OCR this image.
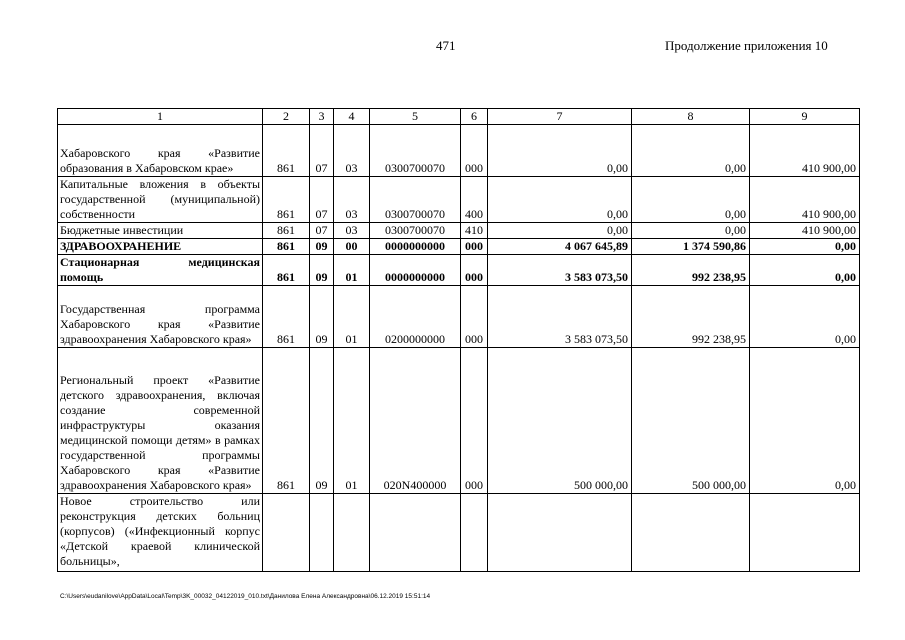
471	Продолжение приложения 10
1	2	3	4	5	6	7	8	9
Хабаровского края «Развитие образования в Хабаровском крае»	861	07	03	0300700070	000	0,00	0,00	410 900,00
Капитальные вложения в объекты государственной (муниципальной) собственности	861	07	03	0300700070	400	0,00	0,00	410 900,00
Бюджетные инвестиции	861	07	03	0300700070	410	0,00	0,00	410 900,00
ЗДРАВООХРАНЕНИЕ	861	09	00	0000000000	000	4 067 645,89	1 374 590,86	0,00
Стационарная медицинская помощь	861	09	01	0000000000	000	3 583 073,50	992 238,95	0,00
Государственная программа Хабаровского края «Развитие здравоохранения Хабаровского края»	861	09	01	0200000000	000	3 583 073,50	992 238,95	0,00
Региональный проект «Развитие детского здравоохранения, включая создание современной инфраструктуры оказания медицинской помощи детям» в рамках государственной программы Хабаровского края «Развитие здравоохранения Хабаровского края»	861	09	01	020N400000	000	500 000,00	500 000,00	0,00
Новое строительство или реконструкция детских больниц (корпусов) («Инфекционный корпус «Детской краевой клинической больницы»,								
C:\Users\eudanilove\AppData\Local\Temp\3K_00032_04122019_010.txt\Данилова Елена Александровна\06.12.2019 15:51:14
